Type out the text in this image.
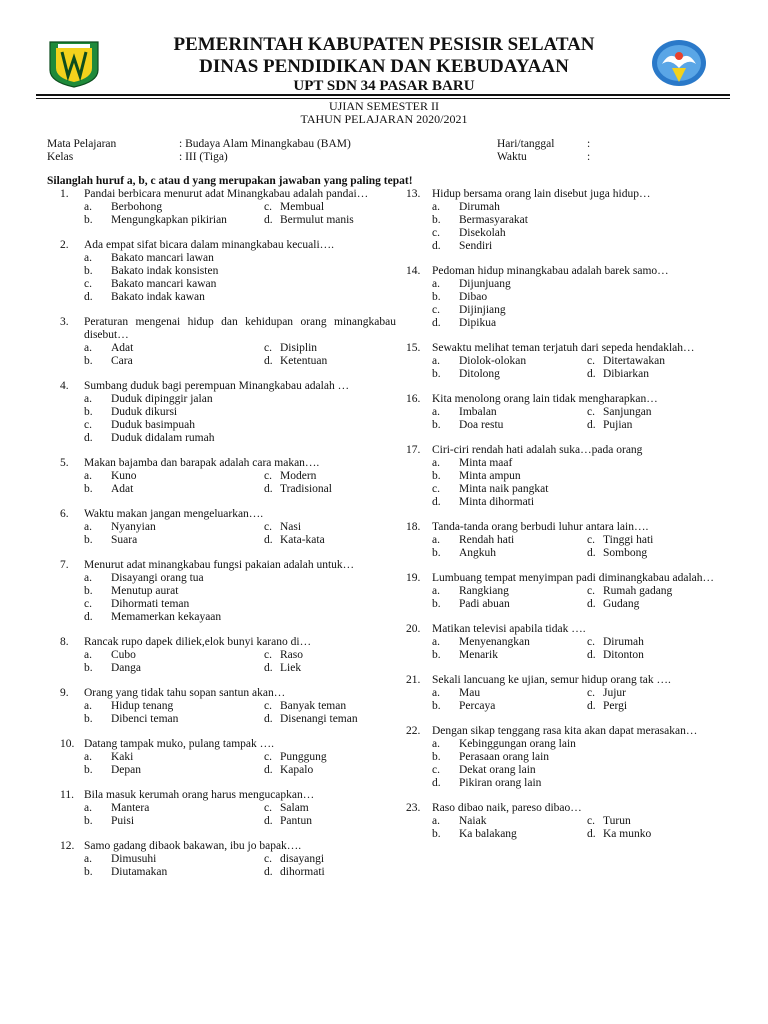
PEMERINTAH KABUPATEN PESISIR SELATAN
DINAS PENDIDIKAN DAN KEBUDAYAAN
UPT SDN 34 PASAR BARU
UJIAN SEMESTER II
TAHUN PELAJARAN 2020/2021
Mata Pelajaran	: Budaya Alam Minangkabau (BAM)
Kelas	: III (Tiga)
Hari/tanggal	:
Waktu	:
Silanglah huruf a, b, c atau d yang merupakan jawaban yang paling tepat!
1.	Pandai berbicara menurut adat Minangkabau adalah pandai…
a. Berbohong	c. Membual
b. Mengungkapkan pikirian	d. Bermulut manis
2.	Ada empat sifat bicara dalam minangkabau kecuali….
a. Bakato mancari lawan
b. Bakato indak konsisten
c. Bakato mancari kawan
d. Bakato indak kawan
3.	Peraturan mengenai hidup dan kehidupan orang minangkabau disebut…
a. Adat	c. Disiplin
b. Cara	d. Ketentuan
4.	Sumbang duduk bagi perempuan Minangkabau adalah …
a. Duduk dipinggir jalan
b. Duduk dikursi
c. Duduk basimpuah
d. Duduk didalam rumah
5.	Makan bajamba dan barapak adalah cara makan….
a. Kuno	c. Modern
b. Adat	d. Tradisional
6.	Waktu makan jangan mengeluarkan….
a. Nyanyian	c. Nasi
b. Suara	d. Kata-kata
7.	Menurut adat minangkabau fungsi pakaian adalah untuk…
a. Disayangi orang tua
b. Menutup aurat
c. Dihormati teman
d. Memamerkan kekayaan
8.	Rancak rupo dapek diliek,elok bunyi karano di…
a. Cubo	c. Raso
b. Danga	d. Liek
9.	Orang yang tidak tahu sopan santun akan…
a. Hidup tenang	c. Banyak teman
b. Dibenci teman	d. Disenangi teman
10. Datang tampak muko, pulang tampak ….
a. Kaki	c. Punggung
b. Depan	d. Kapalo
11. Bila masuk kerumah orang harus mengucapkan…
a. Mantera	c. Salam
b. Puisi	d. Pantun
12. Samo gadang dibaok bakawan, ibu jo bapak….
a. Dimusuhi	c. disayangi
b. Diutamakan	d. dihormati
13.	Hidup bersama orang lain disebut juga hidup…
a. Dirumah
b. Bermasyarakat
c. Disekolah
d. Sendiri
14.	Pedoman hidup minangkabau adalah barek samo…
a. Dijunjuang
b. Dibao
c. Dijinjiang
d. Dipikua
15.	Sewaktu melihat teman terjatuh dari sepeda hendaklah…
a. Diolok-olokan	c. Ditertawakan
b. Ditolong	d. Dibiarkan
16.	Kita menolong orang lain tidak mengharapkan…
a. Imbalan	c. Sanjungan
b. Doa restu	d. Pujian
17.	Ciri-ciri rendah hati adalah suka…pada orang
a. Minta maaf
b. Minta ampun
c. Minta naik pangkat
d. Minta dihormati
18.	Tanda-tanda orang berbudi luhur antara lain….
a. Rendah hati	c. Tinggi hati
b. Angkuh	d. Sombong
19.	Lumbuang tempat menyimpan padi diminangkabau adalah…
a. Rangkiang	c. Rumah gadang
b. Padi abuan	d. Gudang
20.	Matikan televisi apabila tidak ….
a. Menyenangkan	c. Dirumah
b. Menarik	d. Ditonton
21.	Sekali lancuang ke ujian, semur hidup orang tak ….
a. Mau	c. Jujur
b. Percaya	d. Pergi
22.	Dengan sikap tenggang rasa kita akan dapat merasakan…
a. Kebinggungan orang lain
b. Perasaan orang lain
c. Dekat orang lain
d. Pikiran orang lain
23.	Raso dibao naik, pareso dibao…
a. Naiak	c. Turun
b. Ka balakang	d. Ka munko
